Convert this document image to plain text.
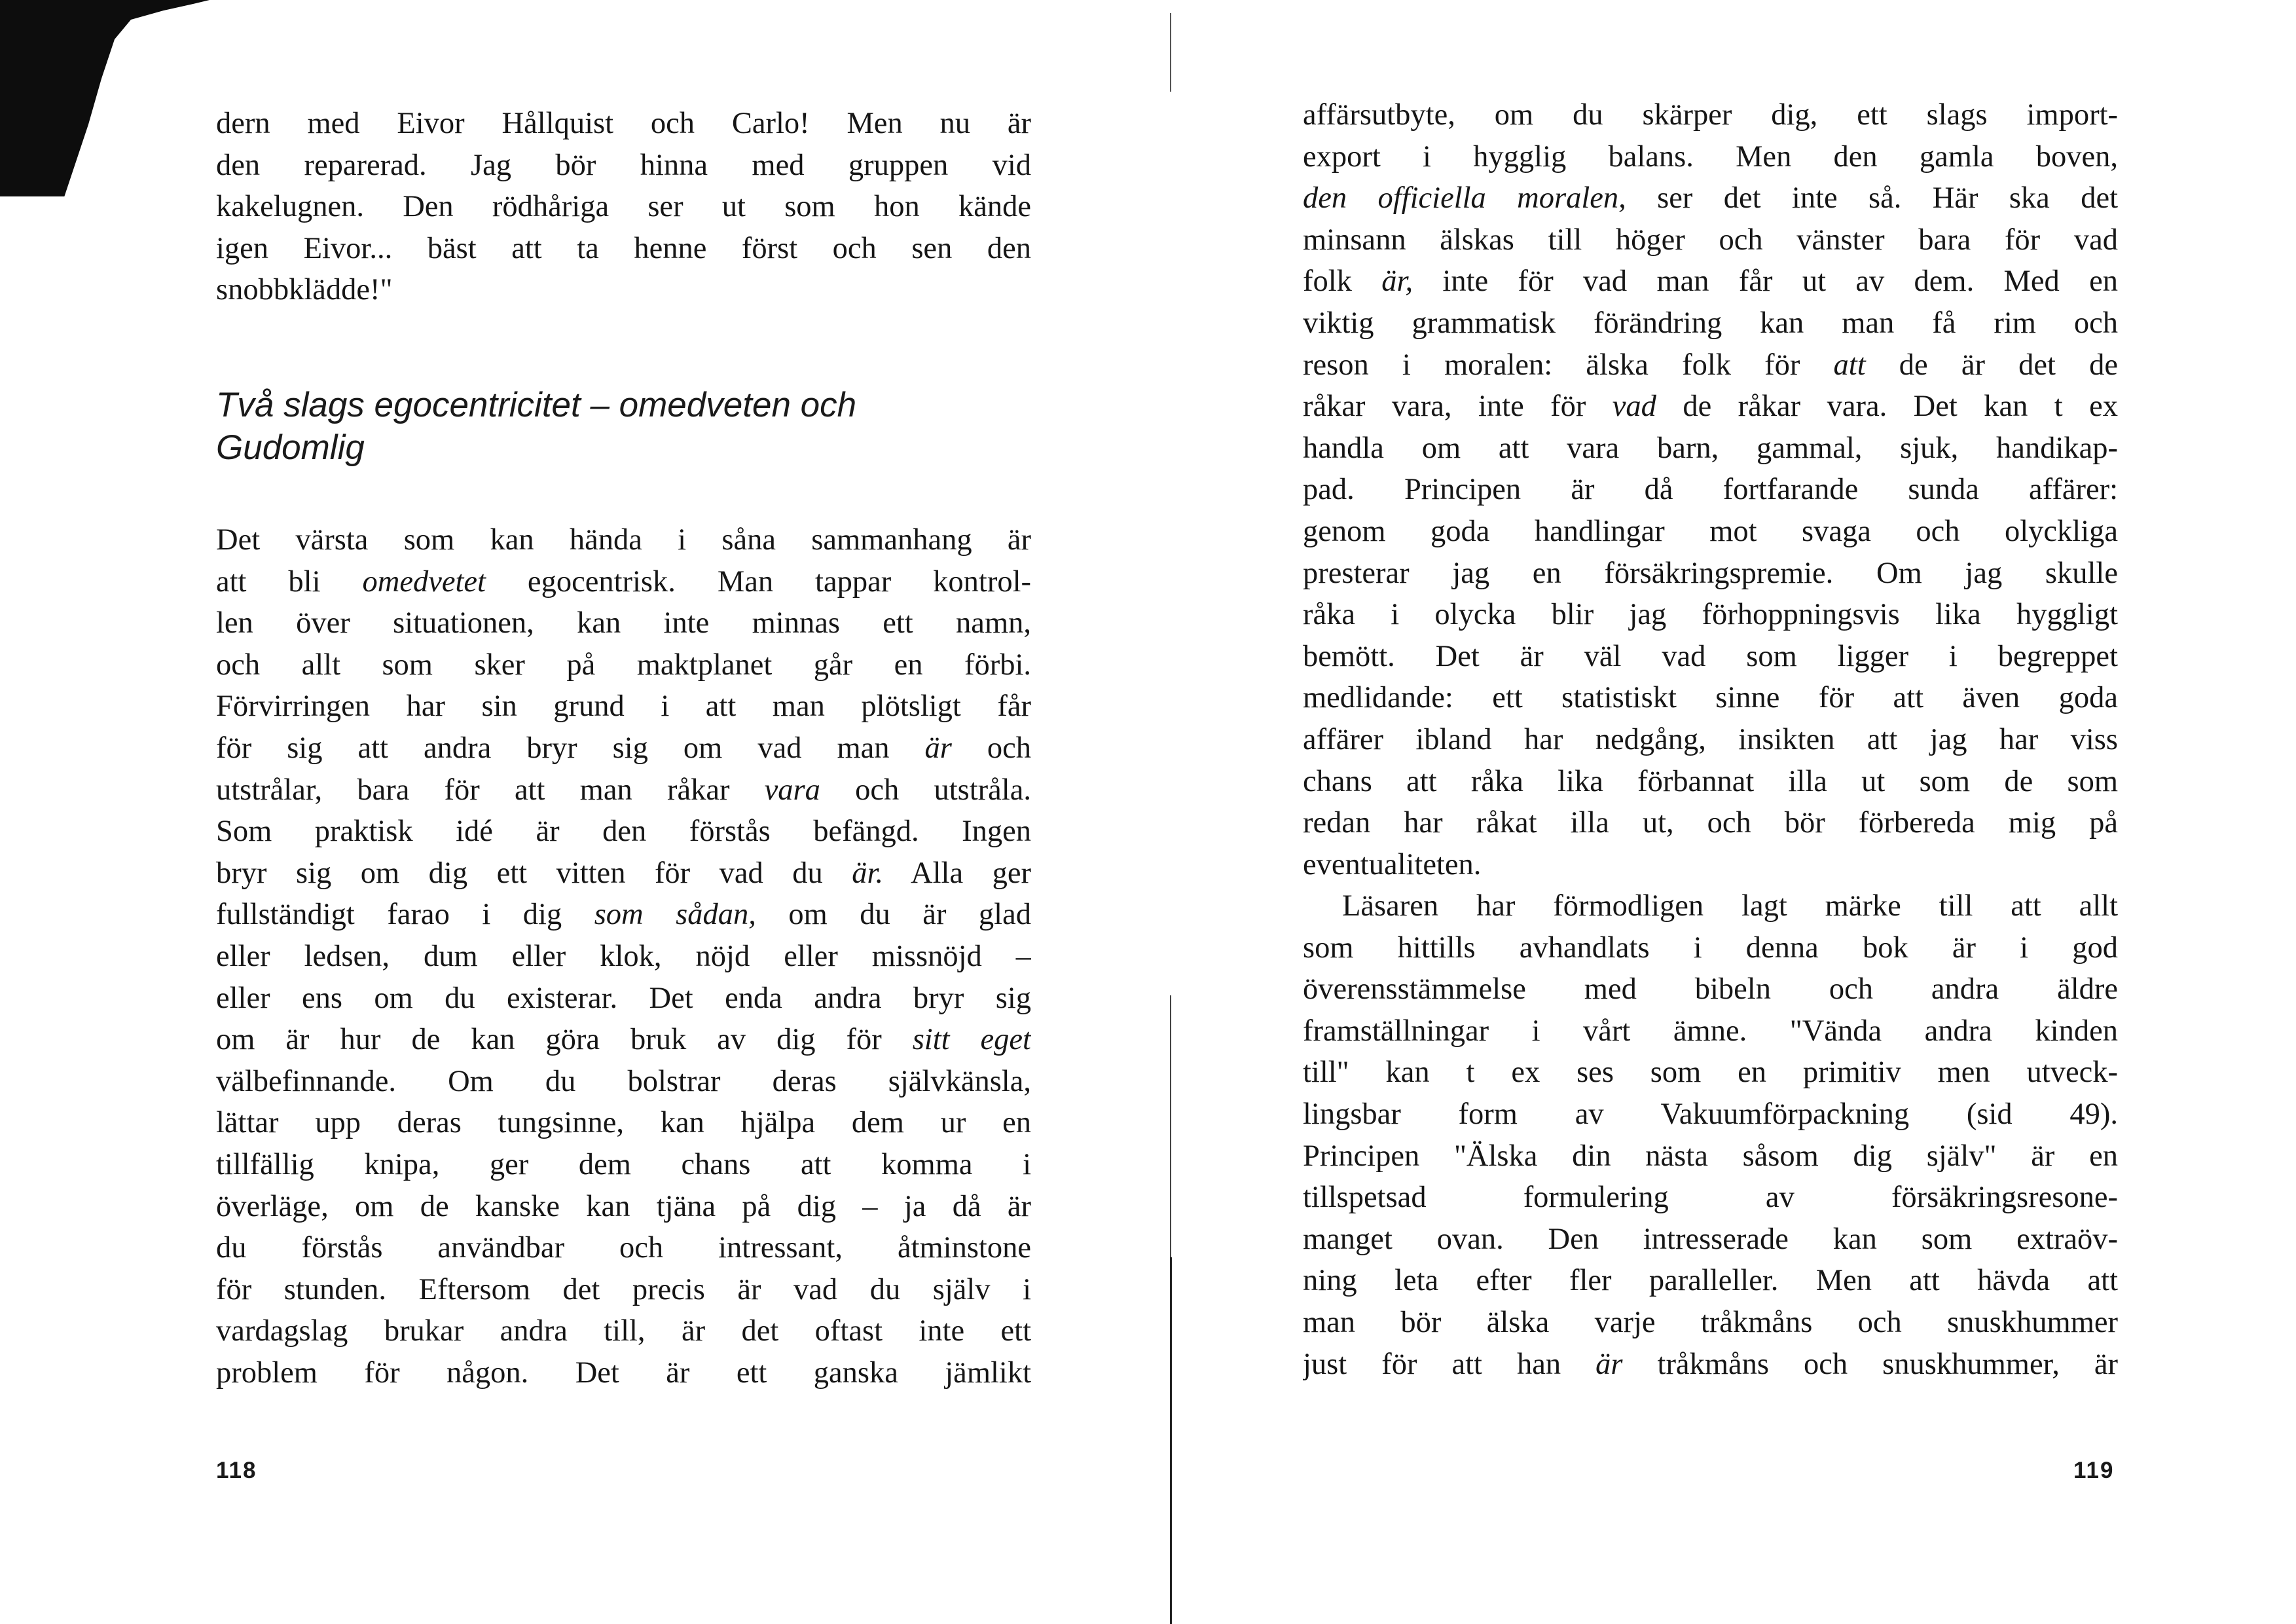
dern med Eivor Hållquist och Carlo! Men nu är
den reparerad. Jag bör hinna med gruppen vid
kakelugnen. Den rödhåriga ser ut som hon kände
igen Eivor... bäst att ta henne först och sen den
snobbklädde!"
Två slags egocentricitet – omedveten och
Gudomlig
Det värsta som kan hända i såna sammanhang är
att bli omedvetet egocentrisk. Man tappar kontrol-
len över situationen, kan inte minnas ett namn,
och allt som sker på maktplanet går en förbi.
Förvirringen har sin grund i att man plötsligt får
för sig att andra bryr sig om vad man är och
utstrålar, bara för att man råkar vara och utstråla.
Som praktisk idé är den förstås befängd. Ingen
bryr sig om dig ett vitten för vad du är. Alla ger
fullständigt farao i dig som sådan, om du är glad
eller ledsen, dum eller klok, nöjd eller missnöjd –
eller ens om du existerar. Det enda andra bryr sig
om är hur de kan göra bruk av dig för sitt eget
välbefinnande. Om du bolstrar deras självkänsla,
lättar upp deras tungsinne, kan hjälpa dem ur en
tillfällig knipa, ger dem chans att komma i
överläge, om de kanske kan tjäna på dig – ja då är
du förstås användbar och intressant, åtminstone
för stunden. Eftersom det precis är vad du själv i
vardagslag brukar andra till, är det oftast inte ett
problem för någon. Det är ett ganska jämlikt
118
affärsutbyte, om du skärper dig, ett slags import-
export i hygglig balans. Men den gamla boven,
den officiella moralen, ser det inte så. Här ska det
minsann älskas till höger och vänster bara för vad
folk är, inte för vad man får ut av dem. Med en
viktig grammatisk förändring kan man få rim och
reson i moralen: älska folk för att de är det de
råkar vara, inte för vad de råkar vara. Det kan t ex
handla om att vara barn, gammal, sjuk, handikap-
pad. Principen är då fortfarande sunda affärer:
genom goda handlingar mot svaga och olyckliga
presterar jag en försäkringspremie. Om jag skulle
råka i olycka blir jag förhoppningsvis lika hyggligt
bemött. Det är väl vad som ligger i begreppet
medlidande: ett statistiskt sinne för att även goda
affärer ibland har nedgång, insikten att jag har viss
chans att råka lika förbannat illa ut som de som
redan har råkat illa ut, och bör förbereda mig på
eventualiteten.
Läsaren har förmodligen lagt märke till att allt
som hittills avhandlats i denna bok är i god
överensstämmelse med bibeln och andra äldre
framställningar i vårt ämne. "Vända andra kinden
till" kan t ex ses som en primitiv men utveck-
lingsbar form av Vakuumförpackning (sid 49).
Principen "Älska din nästa såsom dig själv" är en
tillspetsad formulering av försäkringsresone-
manget ovan. Den intresserade kan som extraöv-
ning leta efter fler paralleller. Men att hävda att
man bör älska varje tråkmåns och snuskhummer
just för att han är tråkmåns och snuskhummer, är
119
